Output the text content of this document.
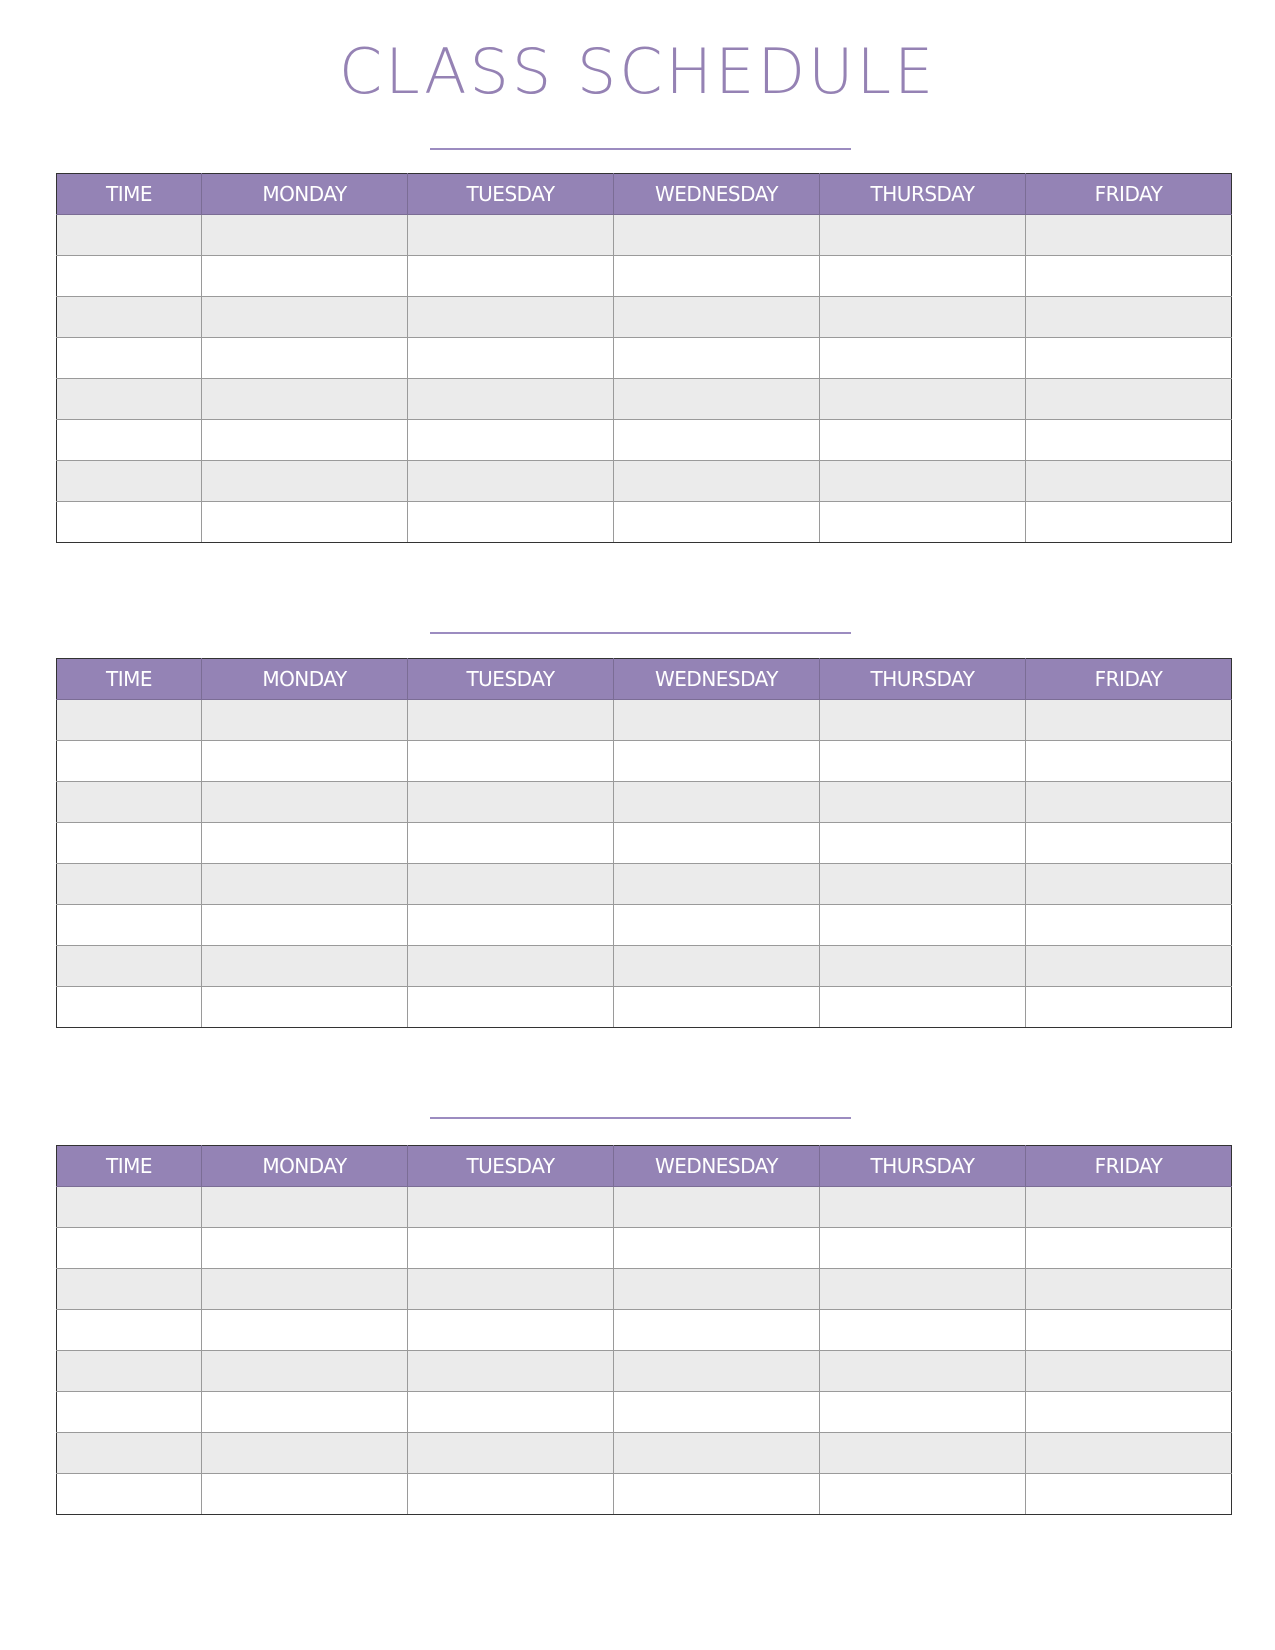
CLASS SCHEDULE
TIME	MONDAY	TUESDAY	WEDNESDAY	THURSDAY	FRIDAY

TIME	MONDAY	TUESDAY	WEDNESDAY	THURSDAY	FRIDAY

TIME	MONDAY	TUESDAY	WEDNESDAY	THURSDAY	FRIDAY
